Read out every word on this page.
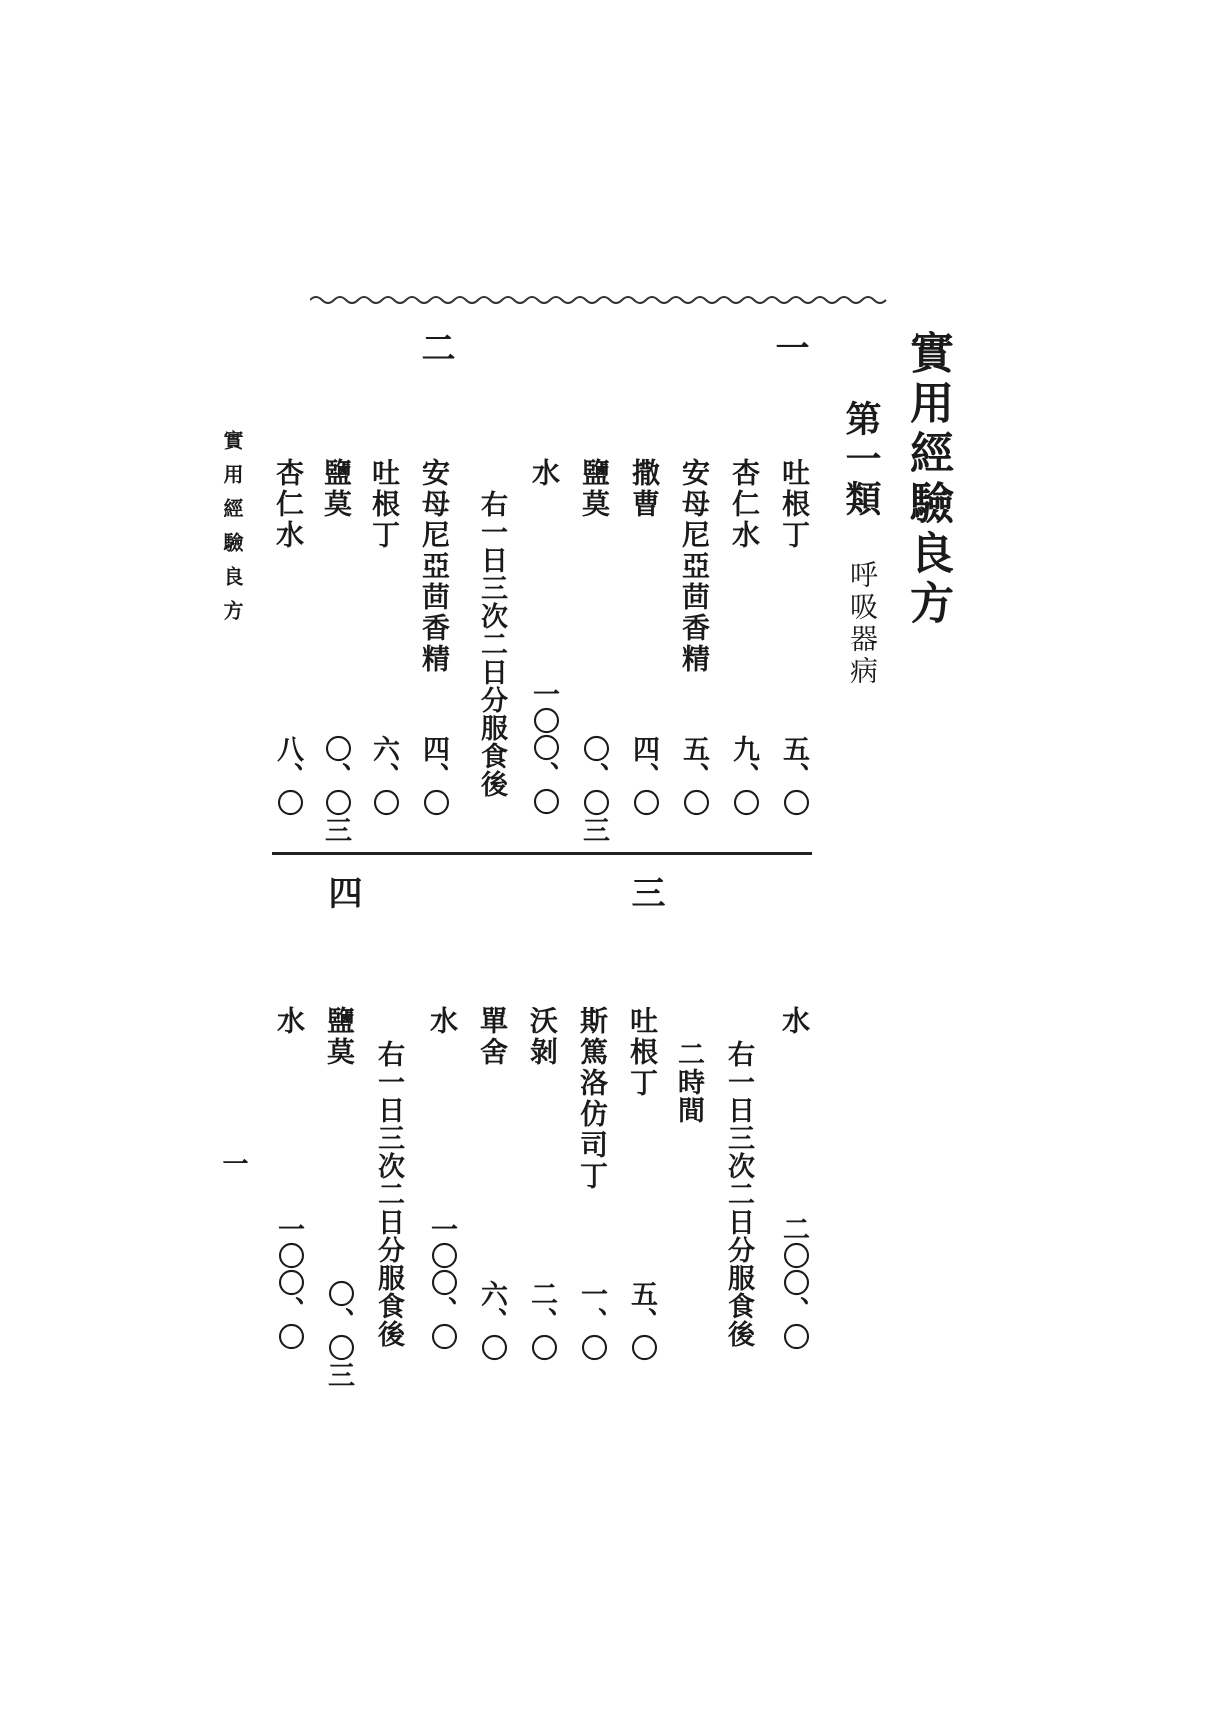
實用經驗良方
第一類
呼吸器病
一
吐根丁
五、〇
杏仁水
九、〇
安母尼亞茴香精
五、〇
撒曹
四、〇
鹽莫
〇、〇三
水
一〇〇、〇
右一日三次二日分服食後
二
安母尼亞茴香精
四、〇
吐根丁
六、〇
鹽莫
〇、〇三
杏仁水
八、〇
水
二〇〇、〇
三
右一日三次二日分服食後
二時間
吐根丁
五、〇
斯篤洛仿司丁
一、〇
沃剝
二、〇
單舍
六、〇
水
一〇〇、〇
右一日三次二日分服食後
四
鹽莫
〇、〇三
水
一〇〇、〇
實用經驗良方
一
